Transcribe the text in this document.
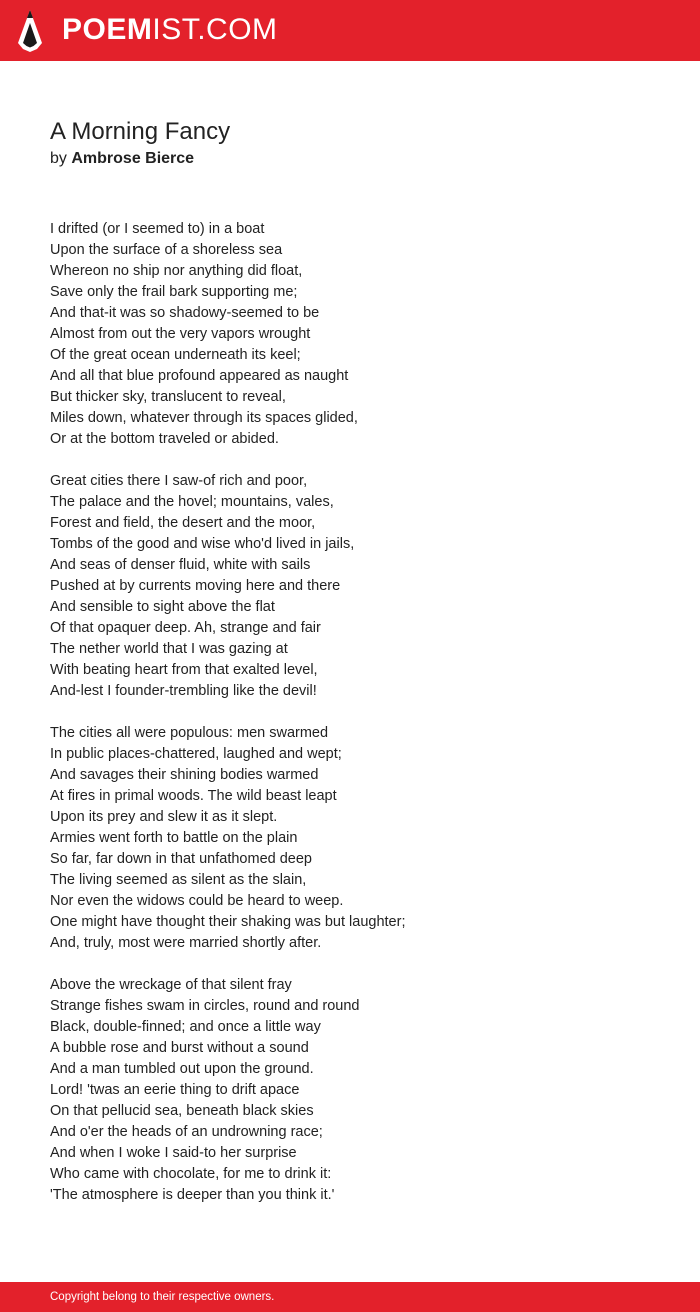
POEMIST.COM
A Morning Fancy
by Ambrose Bierce
I drifted (or I seemed to) in a boat
Upon the surface of a shoreless sea
Whereon no ship nor anything did float,
Save only the frail bark supporting me;
And that-it was so shadowy-seemed to be
Almost from out the very vapors wrought
Of the great ocean underneath its keel;
And all that blue profound appeared as naught
But thicker sky, translucent to reveal,
Miles down, whatever through its spaces glided,
Or at the bottom traveled or abided.
Great cities there I saw-of rich and poor,
The palace and the hovel; mountains, vales,
Forest and field, the desert and the moor,
Tombs of the good and wise who'd lived in jails,
And seas of denser fluid, white with sails
Pushed at by currents moving here and there
And sensible to sight above the flat
Of that opaquer deep. Ah, strange and fair
The nether world that I was gazing at
With beating heart from that exalted level,
And-lest I founder-trembling like the devil!
The cities all were populous: men swarmed
In public places-chattered, laughed and wept;
And savages their shining bodies warmed
At fires in primal woods. The wild beast leapt
Upon its prey and slew it as it slept.
Armies went forth to battle on the plain
So far, far down in that unfathomed deep
The living seemed as silent as the slain,
Nor even the widows could be heard to weep.
One might have thought their shaking was but laughter;
And, truly, most were married shortly after.
Above the wreckage of that silent fray
Strange fishes swam in circles, round and round
Black, double-finned; and once a little way
A bubble rose and burst without a sound
And a man tumbled out upon the ground.
Lord! 'twas an eerie thing to drift apace
On that pellucid sea, beneath black skies
And o'er the heads of an undrowning race;
And when I woke I said-to her surprise
Who came with chocolate, for me to drink it:
'The atmosphere is deeper than you think it.'
Copyright belong to their respective owners.
